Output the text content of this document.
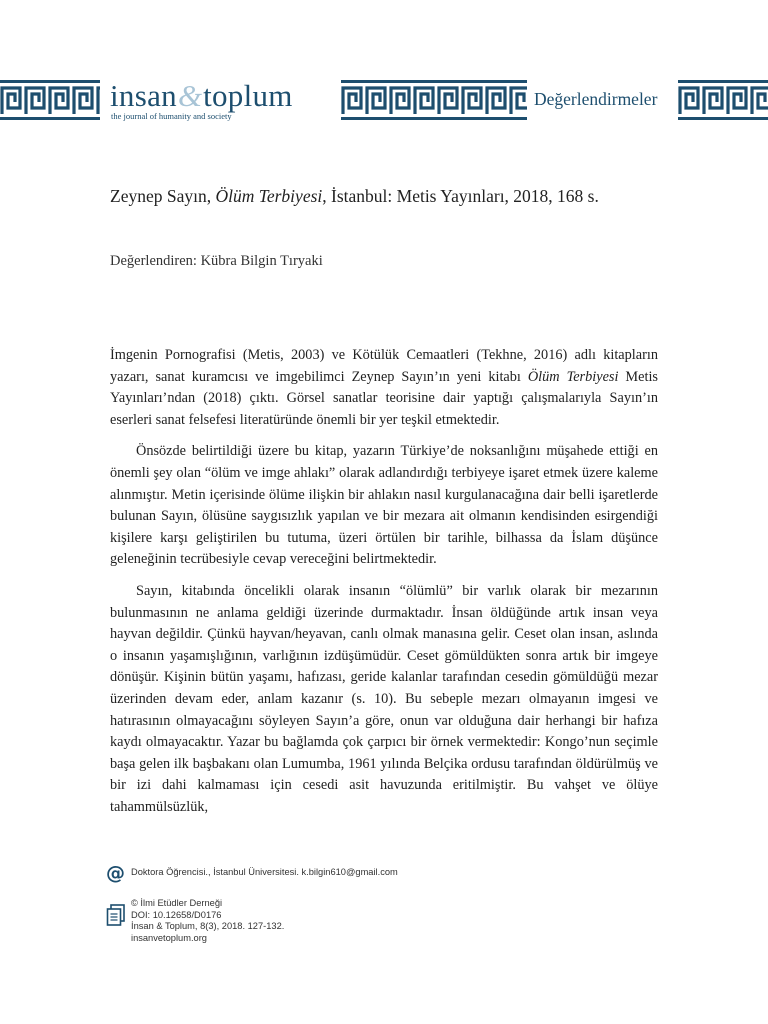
insan&toplum
the journal of humanity and society
Değerlendirmeler
Zeynep Sayın, Ölüm Terbiyesi, İstanbul: Metis Yayınları, 2018, 168 s.
Değerlendiren: Kübra Bilgin Tıryaki

İmgenin Pornografisi (Metis, 2003) ve Kötülük Cemaatleri (Tekhne, 2016) adlı kitapların yazarı, sanat kuramcısı ve imgebilimci Zeynep Sayın’ın yeni kitabı Ölüm Terbiyesi Metis Yayınları’ndan (2018) çıktı. Görsel sanatlar teorisine dair yaptığı çalışmalarıyla Sayın’ın eserleri sanat felsefesi literatüründe önemli bir yer teşkil etmektedir.

Önsözde belirtildiği üzere bu kitap, yazarın Türkiye’de noksanlığını müşahede ettiği en önemli şey olan “ölüm ve imge ahlakı” olarak adlandırdığı terbiyeye işaret etmek üzere kaleme alınmıştır. Metin içerisinde ölüme ilişkin bir ahlakın nasıl kurgulanacağına dair belli işaretlerde bulunan Sayın, ölüsüne saygısızlık yapılan ve bir mezara ait olmanın kendisinden esirgendiği kişilere karşı geliştirilen bu tutuma, üzeri örtülen bir tarihle, bilhassa da İslam düşünce geleneğinin tecrübesiyle cevap vereceğini belirtmektedir.

Sayın, kitabında öncelikli olarak insanın “ölümlü” bir varlık olarak bir mezarının bulunmasının ne anlama geldiği üzerinde durmaktadır. İnsan öldüğünde artık insan veya hayvan değildir. Çünkü hayvan/heyavan, canlı olmak manasına gelir. Ceset olan insan, aslında o insanın yaşamışlığının, varlığının izdüşümüdür. Ceset gömüldükten sonra artık bir imgeye dönüşür. Kişinin bütün yaşamı, hafızası, geride kalanlar tarafından cesedin gömüldüğü mezar üzerinden devam eder, anlam kazanır (s. 10). Bu sebeple mezarı olmayanın imgesi ve hatırasının olmayacağını söyleyen Sayın’a göre, onun var olduğuna dair herhangi bir hafıza kaydı olmayacaktır. Yazar bu bağlamda çok çarpıcı bir örnek vermektedir: Kongo’nun seçimle başa gelen ilk başbakanı olan Lumumba, 1961 yılında Belçika ordusu tarafından öldürülmüş ve bir izi dahi kalmaması için cesedi asit havuzunda eritilmiştir. Bu vahşet ve ölüye tahammülsüzlük,

@ Doktora Öğrencisi., İstanbul Üniversitesi. k.bilgin610@gmail.com
© İlmi Etüdler Derneği
DOI: 10.12658/D0176
İnsan & Toplum, 8(3), 2018. 127-132.
insanvetoplum.org
